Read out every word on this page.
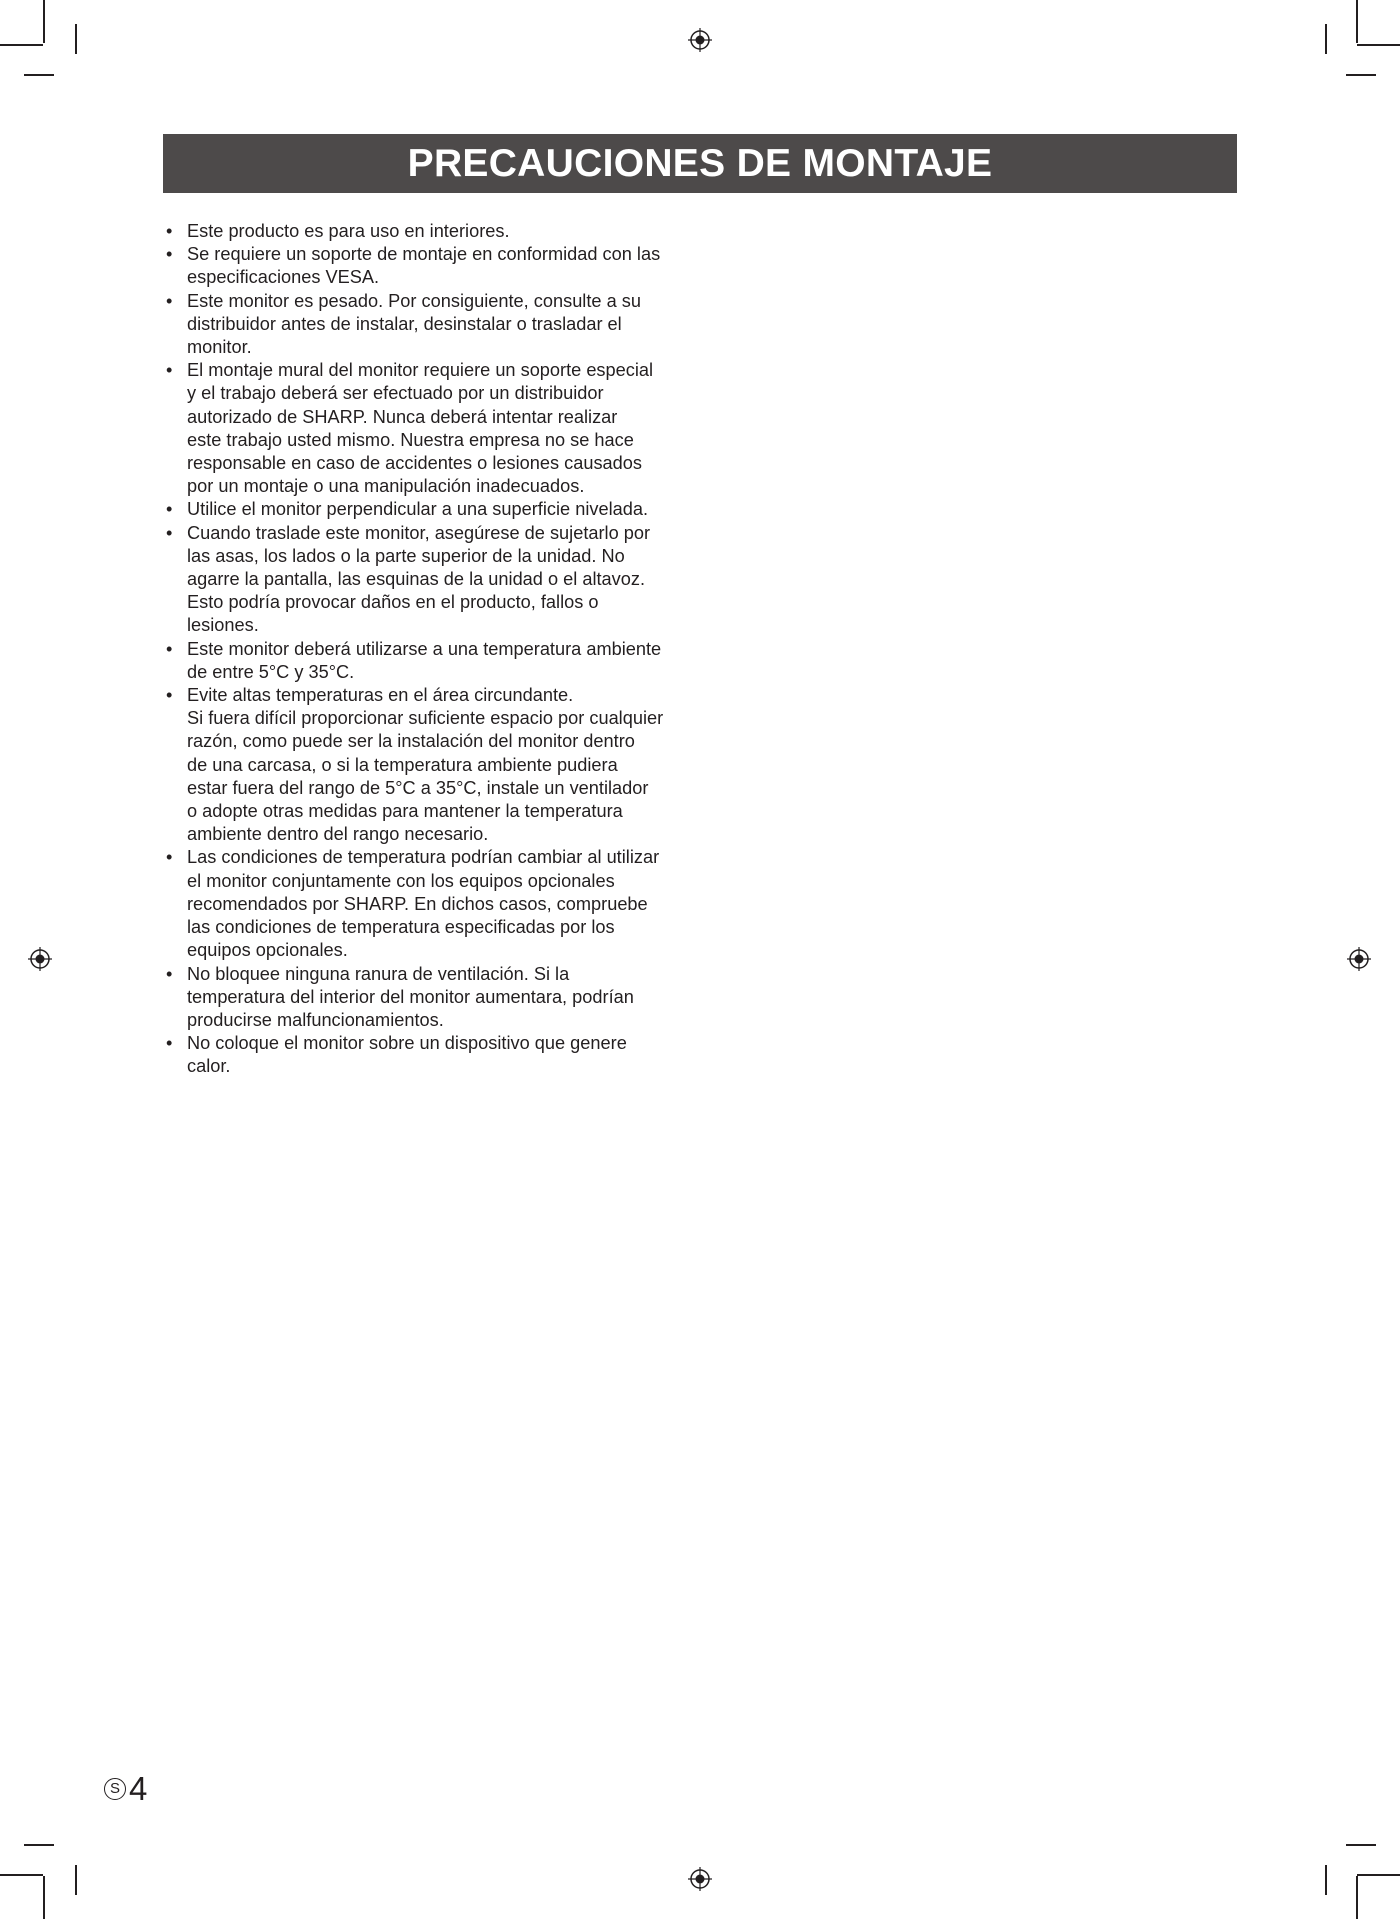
PRECAUCIONES DE MONTAJE
• Este producto es para uso en interiores.
• Se requiere un soporte de montaje en conformidad con las
especificaciones VESA.
• Este monitor es pesado. Por consiguiente, consulte a su
distribuidor antes de instalar, desinstalar o trasladar el
monitor.
• El montaje mural del monitor requiere un soporte especial
y el trabajo deberá ser efectuado por un distribuidor
autorizado de SHARP. Nunca deberá intentar realizar
este trabajo usted mismo. Nuestra empresa no se hace
responsable en caso de accidentes o lesiones causados
por un montaje o una manipulación inadecuados.
• Utilice el monitor perpendicular a una superficie nivelada.
• Cuando traslade este monitor, asegúrese de sujetarlo por
las asas, los lados o la parte superior de la unidad. No
agarre la pantalla, las esquinas de la unidad o el altavoz.
Esto podría provocar daños en el producto, fallos o
lesiones.
• Este monitor deberá utilizarse a una temperatura ambiente
de entre 5°C y 35°C.
• Evite altas temperaturas en el área circundante.
Si fuera difícil proporcionar suficiente espacio por cualquier
razón, como puede ser la instalación del monitor dentro
de una carcasa, o si la temperatura ambiente pudiera
estar fuera del rango de 5°C a 35°C, instale un ventilador
o adopte otras medidas para mantener la temperatura
ambiente dentro del rango necesario.
• Las condiciones de temperatura podrían cambiar al utilizar
el monitor conjuntamente con los equipos opcionales
recomendados por SHARP. En dichos casos, compruebe
las condiciones de temperatura especificadas por los
equipos opcionales.
• No bloquee ninguna ranura de ventilación. Si la
temperatura del interior del monitor aumentara, podrían
producirse malfuncionamientos.
• No coloque el monitor sobre un dispositivo que genere
calor.
S 4
